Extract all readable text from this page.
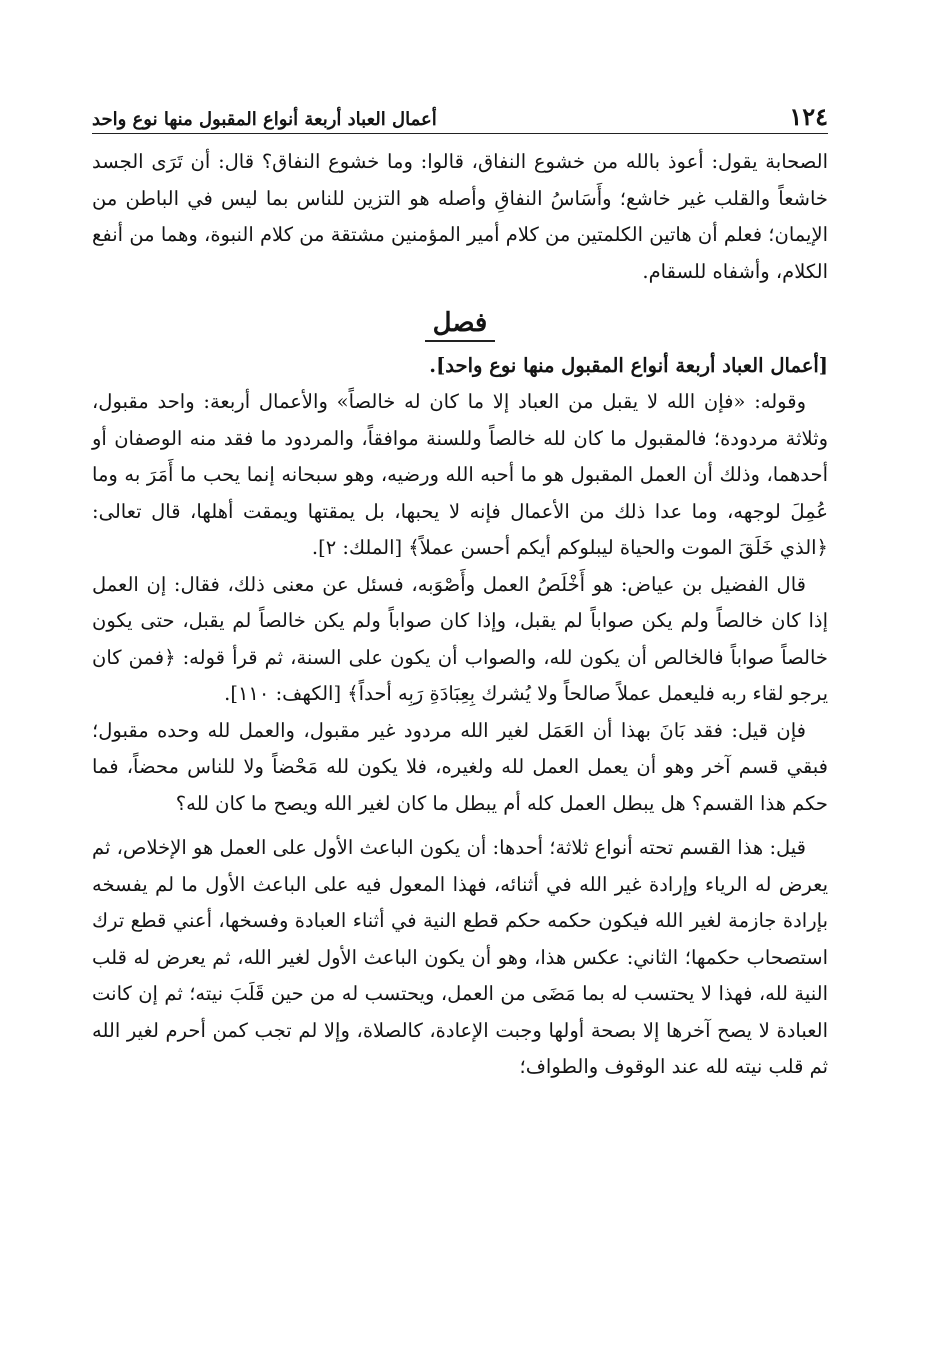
١٢٤
أعمال العباد أربعة أنواع المقبول منها نوع واحد

الصحابة يقول: أعوذ بالله من خشوع النفاق، قالوا: وما خشوع النفاق؟ قال: أن تَرَى الجسد خاشعاً والقلب غير خاشع؛ وأَسَاسُ النفاقِ وأصله هو التزين للناس بما ليس في الباطن من الإيمان؛ فعلم أن هاتين الكلمتين من كلام أمير المؤمنين مشتقة من كلام النبوة، وهما من أنفع الكلام، وأشفاه للسقام.

فصل

[أعمال العباد أربعة أنواع المقبول منها نوع واحد].

وقوله: «فإن الله لا يقبل من العباد إلا ما كان له خالصاً» والأعمال أربعة: واحد مقبول، وثلاثة مردودة؛ فالمقبول ما كان لله خالصاً وللسنة موافقاً، والمردود ما فقد منه الوصفان أو أحدهما، وذلك أن العمل المقبول هو ما أحبه الله ورضيه، وهو سبحانه إنما يحب ما أَمَرَ به وما عُمِلَ لوجهه، وما عدا ذلك من الأعمال فإنه لا يحبها، بل يمقتها ويمقت أهلها، قال تعالى: ﴿الذي خَلَقَ الموت والحياة ليبلوكم أيكم أحسن عملاً﴾ [الملك: ٢].

قال الفضيل بن عياض: هو أَخْلَصُ العمل وأَصْوَبه، فسئل عن معنى ذلك، فقال: إن العمل إذا كان خالصاً ولم يكن صواباً لم يقبل، وإذا كان صواباً ولم يكن خالصاً لم يقبل، حتى يكون خالصاً صواباً فالخالص أن يكون لله، والصواب أن يكون على السنة، ثم قرأ قوله: ﴿فمن كان يرجو لقاء ربه فليعمل عملاً صالحاً ولا يُشرك بِعِبَادَةِ رَبِه أحداً﴾ [الكهف: ١١٠].

فإن قيل: فقد بَانَ بهذا أن العَمَل لغير الله مردود غير مقبول، والعمل لله وحده مقبول؛ فبقي قسم آخر وهو أن يعمل العمل لله ولغيره، فلا يكون لله مَحْضاً ولا للناس محضاً، فما حكم هذا القسم؟ هل يبطل العمل كله أم يبطل ما كان لغير الله ويصح ما كان لله؟

قيل: هذا القسم تحته أنواع ثلاثة؛ أحدها: أن يكون الباعث الأول على العمل هو الإخلاص، ثم يعرض له الرياء وإرادة غير الله في أثنائه، فهذا المعول فيه على الباعث الأول ما لم يفسخه بإرادة جازمة لغير الله فيكون حكمه حكم قطع النية في أثناء العبادة وفسخها، أعني قطع ترك استصحاب حكمها؛ الثاني: عكس هذا، وهو أن يكون الباعث الأول لغير الله، ثم يعرض له قلب النية لله، فهذا لا يحتسب له بما مَضَى من العمل، ويحتسب له من حين قَلَبَ نيته؛ ثم إن كانت العبادة لا يصح آخرها إلا بصحة أولها وجبت الإعادة، كالصلاة، وإلا لم تجب كمن أحرم لغير الله ثم قلب نيته لله عند الوقوف والطواف؛
